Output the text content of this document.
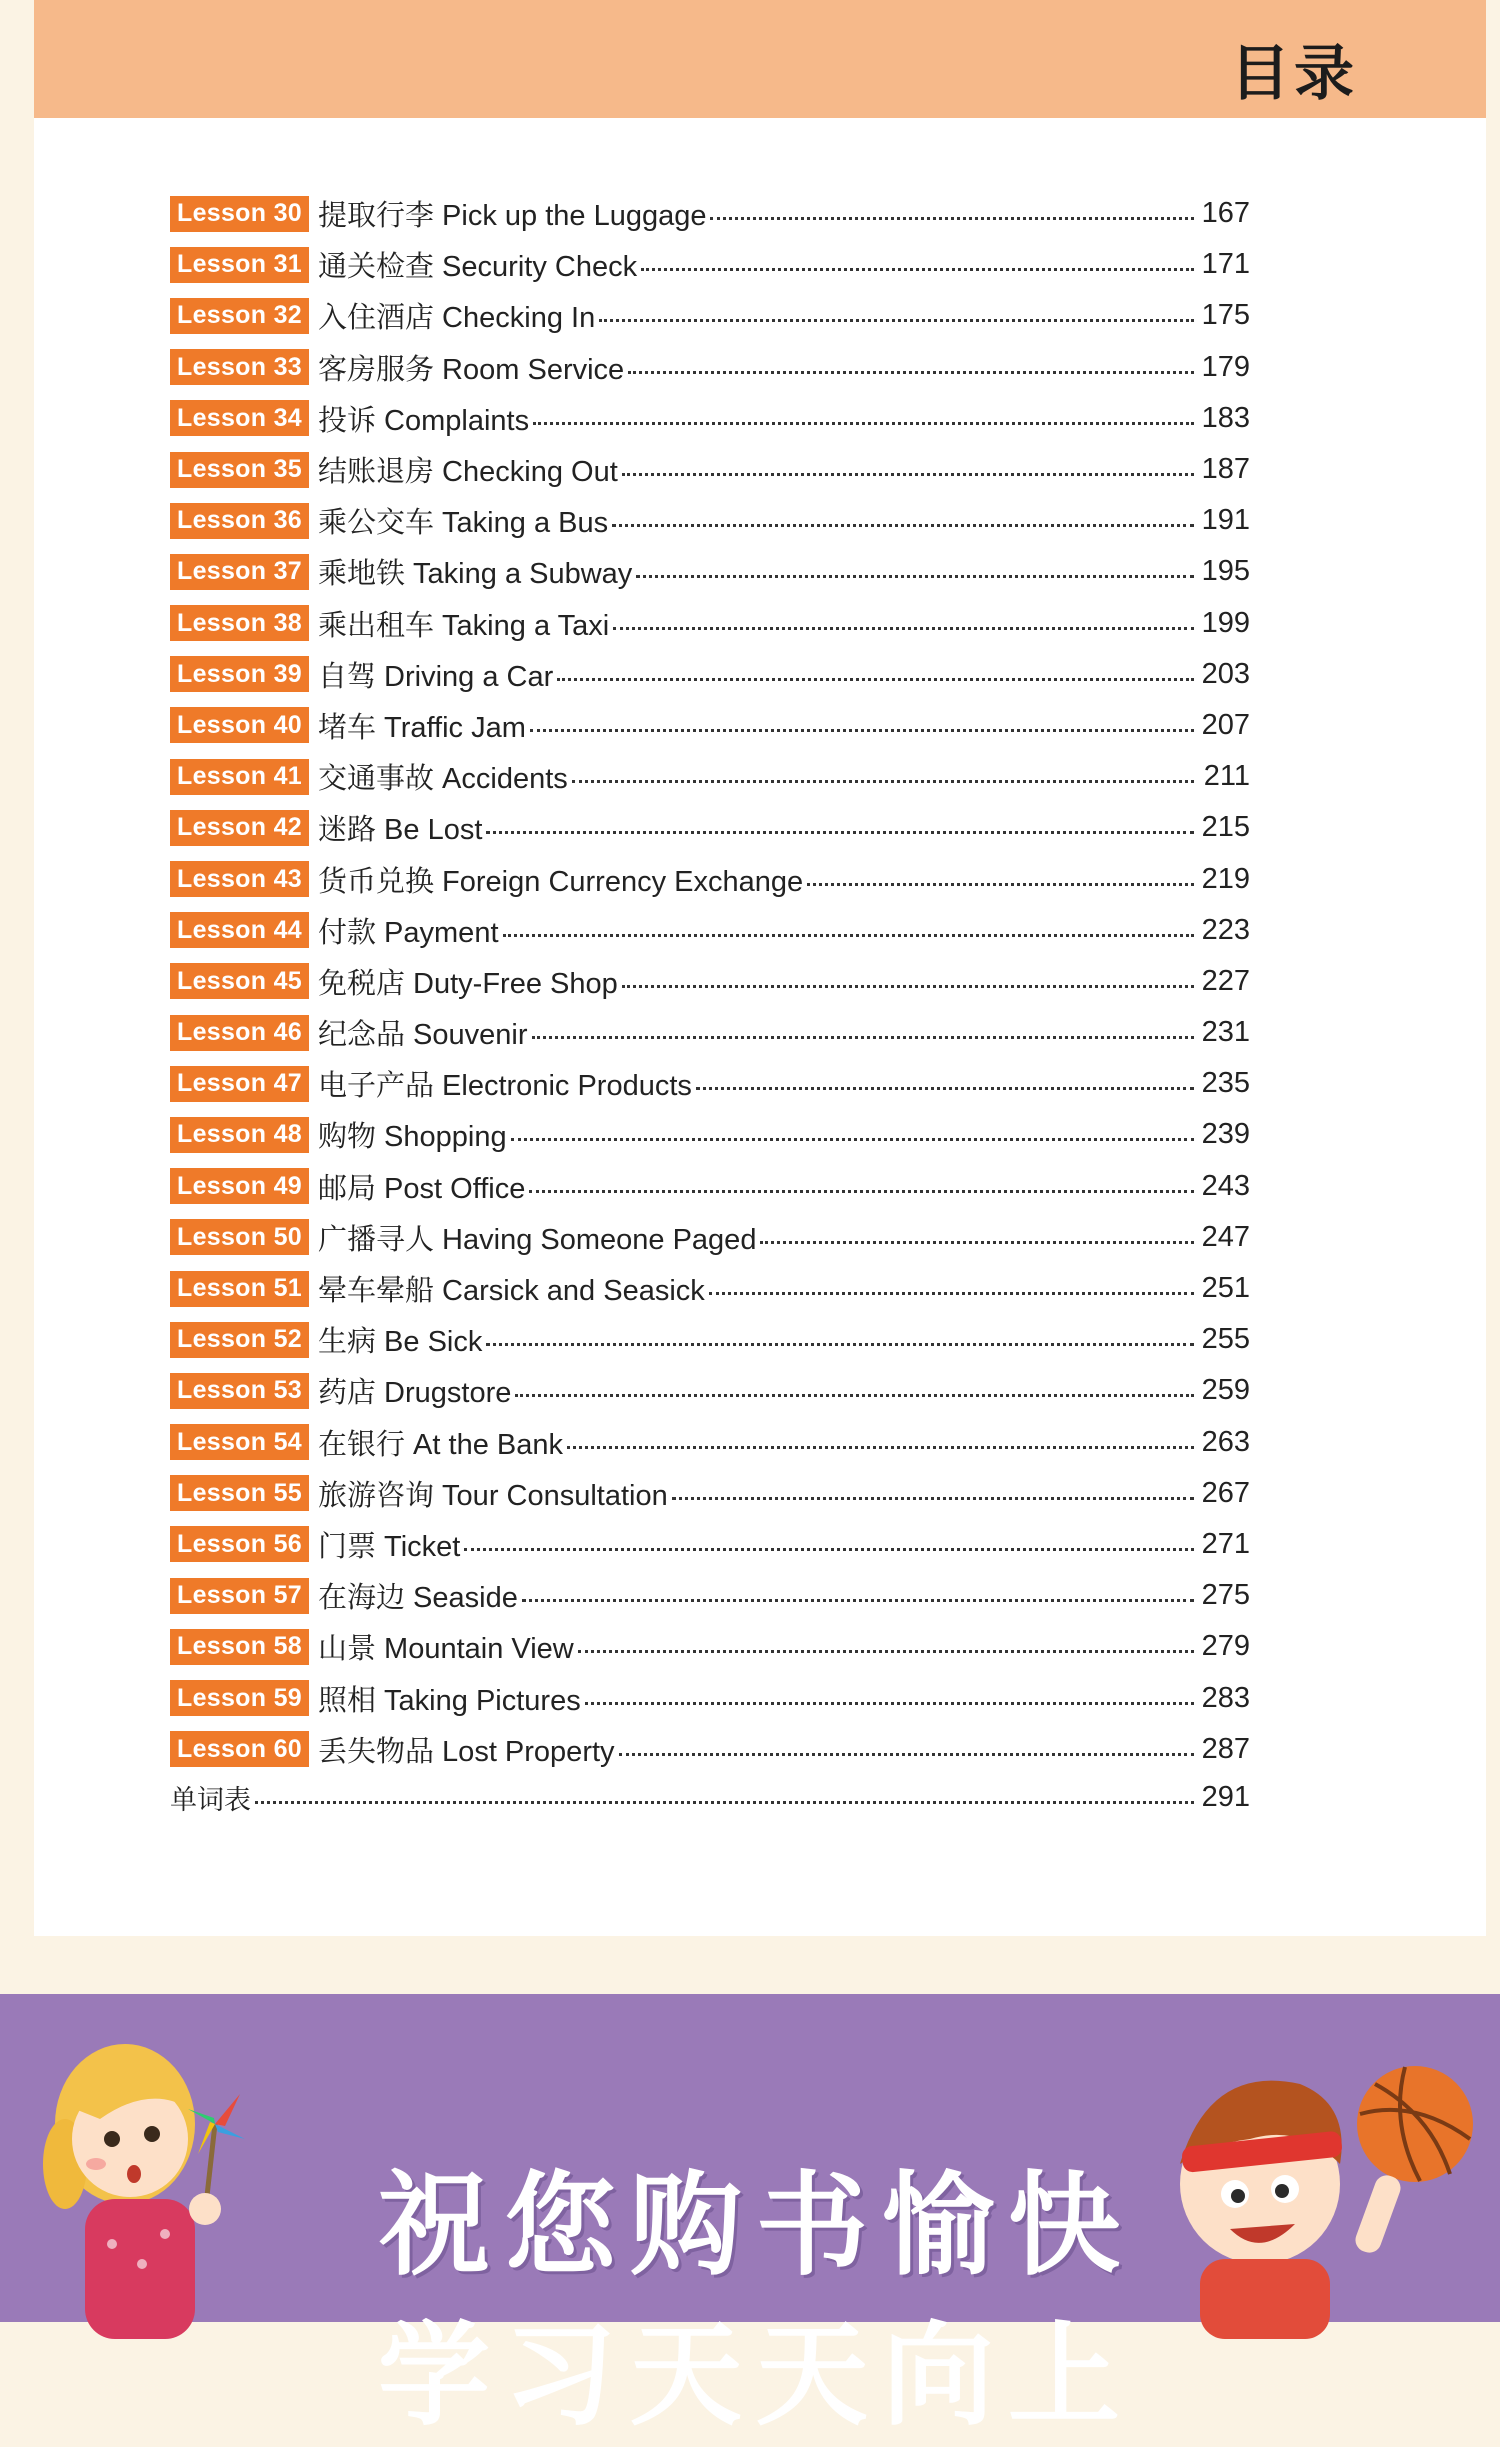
目录
Lesson 30 提取行李 Pick up the Luggage	167
Lesson 31 通关检查 Security Check	171
Lesson 32 入住酒店 Checking In	175
Lesson 33 客房服务 Room Service	179
Lesson 34 投诉 Complaints	183
Lesson 35 结账退房 Checking Out	187
Lesson 36 乘公交车 Taking a Bus	191
Lesson 37 乘地铁 Taking a Subway	195
Lesson 38 乘出租车 Taking a Taxi	199
Lesson 39 自驾 Driving a Car	203
Lesson 40 堵车 Traffic Jam	207
Lesson 41 交通事故 Accidents	211
Lesson 42 迷路 Be Lost	215
Lesson 43 货币兑换 Foreign Currency Exchange	219
Lesson 44 付款 Payment	223
Lesson 45 免税店 Duty-Free Shop	227
Lesson 46 纪念品 Souvenir	231
Lesson 47 电子产品 Electronic Products	235
Lesson 48 购物 Shopping	239
Lesson 49 邮局 Post Office	243
Lesson 50 广播寻人 Having Someone Paged	247
Lesson 51 晕车晕船 Carsick and Seasick	251
Lesson 52 生病 Be Sick	255
Lesson 53 药店 Drugstore	259
Lesson 54 在银行 At the Bank	263
Lesson 55 旅游咨询 Tour Consultation	267
Lesson 56 门票 Ticket	271
Lesson 57 在海边 Seaside	275
Lesson 58 山景 Mountain View	279
Lesson 59 照相 Taking Pictures	283
Lesson 60 丢失物品 Lost Property	287
单词表	291
祝您购书愉快
学习天天向上
